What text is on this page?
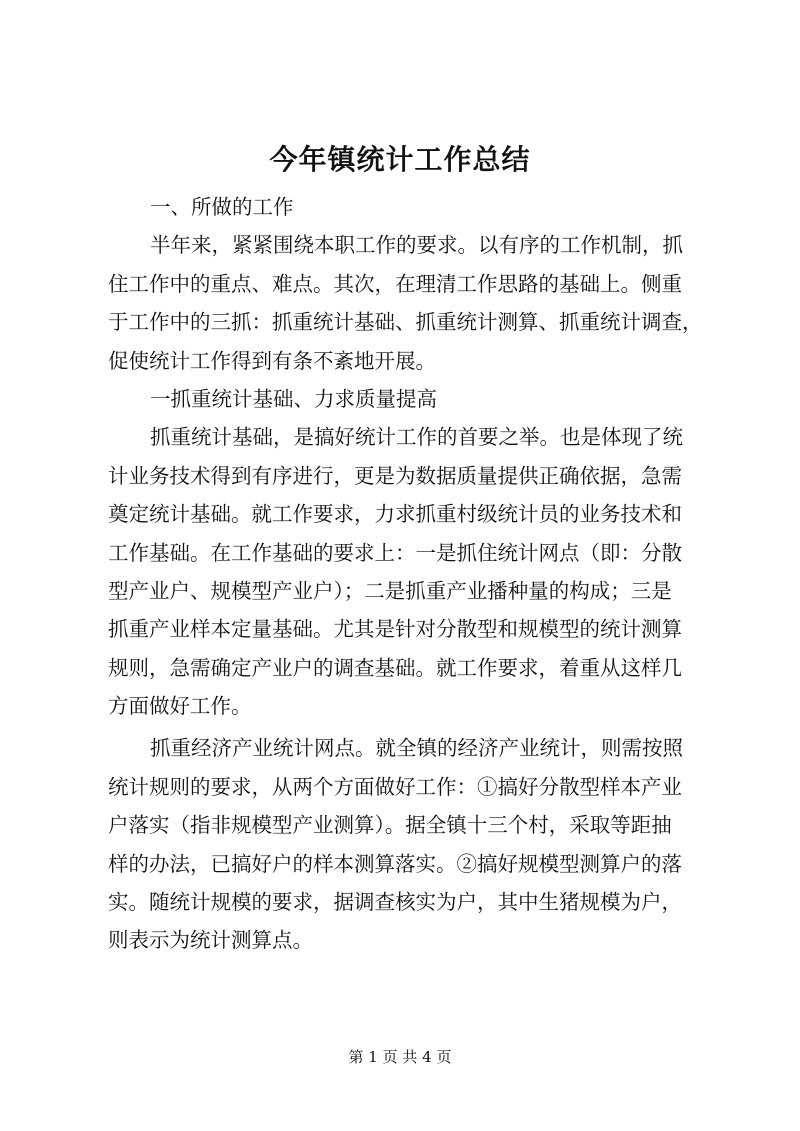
今年镇统计工作总结
一、所做的工作
半年来，紧紧围绕本职工作的要求。以有序的工作机制，抓
住工作中的重点、难点。其次，在理清工作思路的基础上。侧重
于工作中的三抓：抓重统计基础、抓重统计测算、抓重统计调查，
促使统计工作得到有条不紊地开展。
一抓重统计基础、力求质量提高
抓重统计基础，是搞好统计工作的首要之举。也是体现了统
计业务技术得到有序进行，更是为数据质量提供正确依据，急需
奠定统计基础。就工作要求，力求抓重村级统计员的业务技术和
工作基础。在工作基础的要求上：一是抓住统计网点（即：分散
型产业户、规模型产业户）；二是抓重产业播种量的构成；三是
抓重产业样本定量基础。尤其是针对分散型和规模型的统计测算
规则，急需确定产业户的调查基础。就工作要求，着重从这样几
方面做好工作。
抓重经济产业统计网点。就全镇的经济产业统计，则需按照
统计规则的要求，从两个方面做好工作：①搞好分散型样本产业
户落实（指非规模型产业测算）。据全镇十三个村，采取等距抽
样的办法，已搞好户的样本测算落实。②搞好规模型测算户的落
实。随统计规模的要求，据调查核实为户，其中生猪规模为户，
则表示为统计测算点。
第 1 页 共 4 页
